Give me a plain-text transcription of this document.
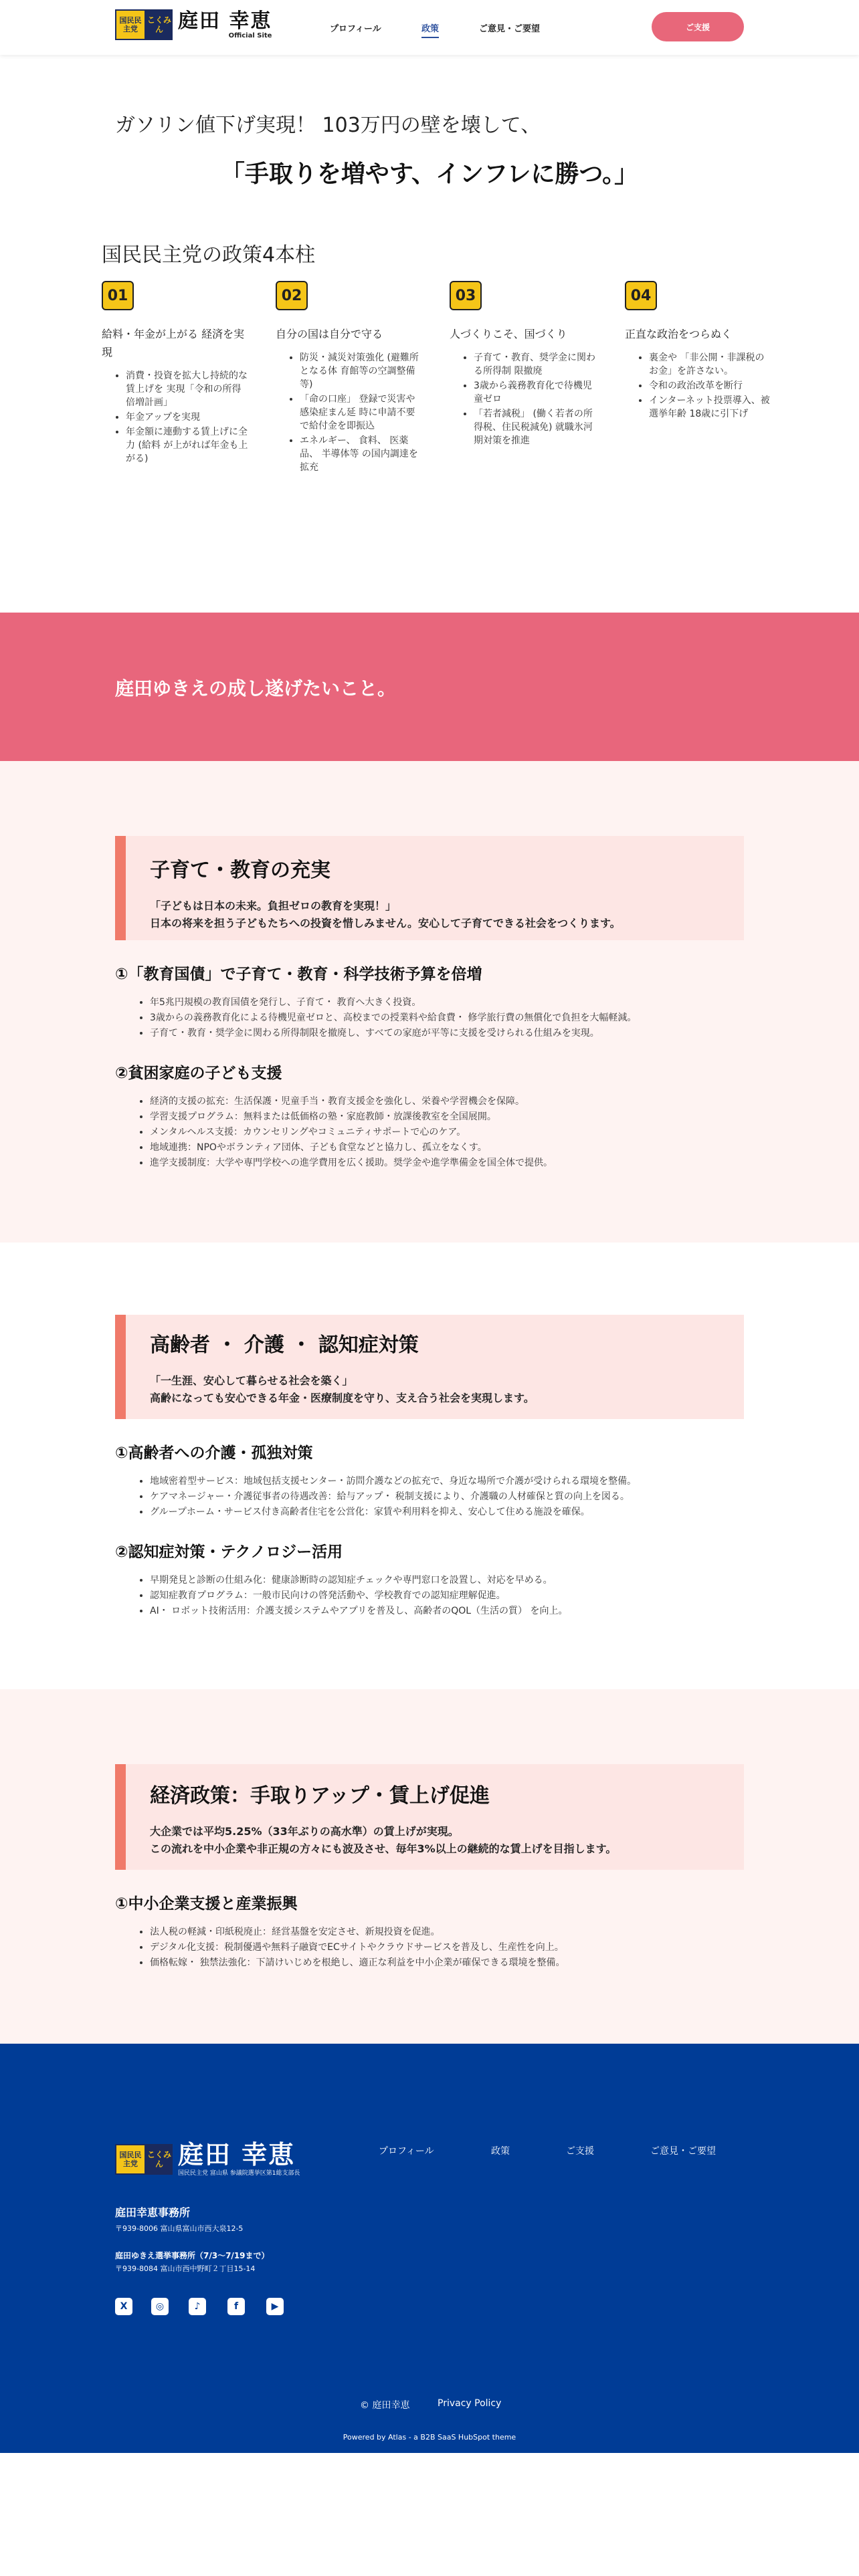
国民民主党
こくみん 庭田 幸恵
Official Site
プロフィール	政策	ご意見・ご要望	ご支援
ガソリン値下げ実現！ 103万円の壁を壊して、
「手取りを増やす、インフレに勝つ。」
国民民主党の政策4本柱
01
給料・年金が上がる 経済を実現
• 消費・投資を拡大し持続的な賃上げを 実現「令和の所得倍増計画」
• 年金アップを実現
• 年金額に連動する賃上げに全力 (給料 が上がれば年金も上がる)
02
自分の国は自分で守る
• 防災・減災対策強化 (避難所となる体 育館等の空調整備等)
• 「命の口座」 登録で災害や感染症まん延 時に申請不要で給付金を即振込
• エネルギー、 食料、 医薬品、 半導体等 の国内調達を拡充
03
人づくりこそ、国づくり
• 子育て・教育、奨学金に関わる所得制 限撤廃
• 3歳から義務教育化で待機児童ゼロ
• 「若者減税」 (働く若者の所得税、住民税減免) 就職氷河期対策を推進
04
正直な政治をつらぬく
• 裏金や 「非公開・非課税のお金」を許さない。
• 令和の政治改革を断行
• インターネット投票導入、被選挙年齢 18歳に引下げ
庭田ゆきえの成し遂げたいこと。
子育て・教育の充実
「子どもは日本の未来。負担ゼロの教育を実現！」
日本の将来を担う子どもたちへの投資を惜しみません。安心して子育てできる社会をつくります。
①「教育国債」で子育て・教育・科学技術予算を倍増
• 年5兆円規模の教育国債を発行し、子育て・ 教育へ大きく投資。
• 3歳からの義務教育化による待機児童ゼロと、高校までの授業料や給食費・ 修学旅行費の無償化で負担を大幅軽減。
• 子育て・教育・奨学金に関わる所得制限を撤廃し、すべての家庭が平等に支援を受けられる仕組みを実現。
②貧困家庭の子ども支援
• 経済的支援の拡充：生活保護・児童手当・教育支援金を強化し、栄養や学習機会を保障。
• 学習支援プログラム：無料または低価格の塾・家庭教師・放課後教室を全国展開。
• メンタルヘルス支援：カウンセリングやコミュニティサポートで心のケア。
• 地域連携：NPOやボランティア団体、子ども食堂などと協力し、孤立をなくす。
• 進学支援制度：大学や専門学校への進学費用を広く援助。奨学金や進学準備金を国全体で提供。
高齢者 ・ 介護 ・ 認知症対策
「一生涯、安心して暮らせる社会を築く」
高齢になっても安心できる年金・医療制度を守り、支え合う社会を実現します。
①高齢者への介護・孤独対策
• 地域密着型サービス：地域包括支援センター・訪問介護などの拡充で、身近な場所で介護が受けられる環境を整備。
• ケアマネージャー・介護従事者の待遇改善：給与アップ・ 税制支援により、介護職の人材確保と質の向上を図る。
• グループホーム・サービス付き高齢者住宅を公営化：家賃や利用料を抑え、安心して住める施設を確保。
②認知症対策・テクノロジー活用
• 早期発見と診断の仕組み化：健康診断時の認知症チェックや専門窓口を設置し、対応を早める。
• 認知症教育プログラム：一般市民向けの啓発活動や、学校教育での認知症理解促進。
• AI・ ロボット技術活用：介護支援システムやアプリを普及し、高齢者のQOL（生活の質） を向上。
経済政策：手取りアップ・賃上げ促進
大企業では平均5.25%（33年ぶりの高水準）の賃上げが実現。
この流れを中小企業や非正規の方々にも波及させ、毎年3%以上の継続的な賃上げを目指します。
①中小企業支援と産業振興
• 法人税の軽減・印紙税廃止：経営基盤を安定させ、新規投資を促進。
• デジタル化支援：税制優遇や無料子融資でECサイトやクラウドサービスを普及し、生産性を向上。
• 価格転嫁・ 独禁法強化：下請けいじめを根絶し、適正な利益を中小企業が確保できる環境を整備。
国民民主党
こくみん 庭田 幸恵
国民民主党 富山県 参議院選挙区第1総支部長
プロフィール	政策	ご支援	ご意見・ご要望
庭田幸恵事務所
〒939-8006 富山県富山市西大泉12-5
庭田ゆきえ選挙事務所（7/3〜7/19まで）
〒939-8084 富山市西中野町２丁目15-14
X	◎	♪	f	▶
© 庭田幸恵	Privacy Policy
Powered by Atlas - a B2B SaaS HubSpot theme
